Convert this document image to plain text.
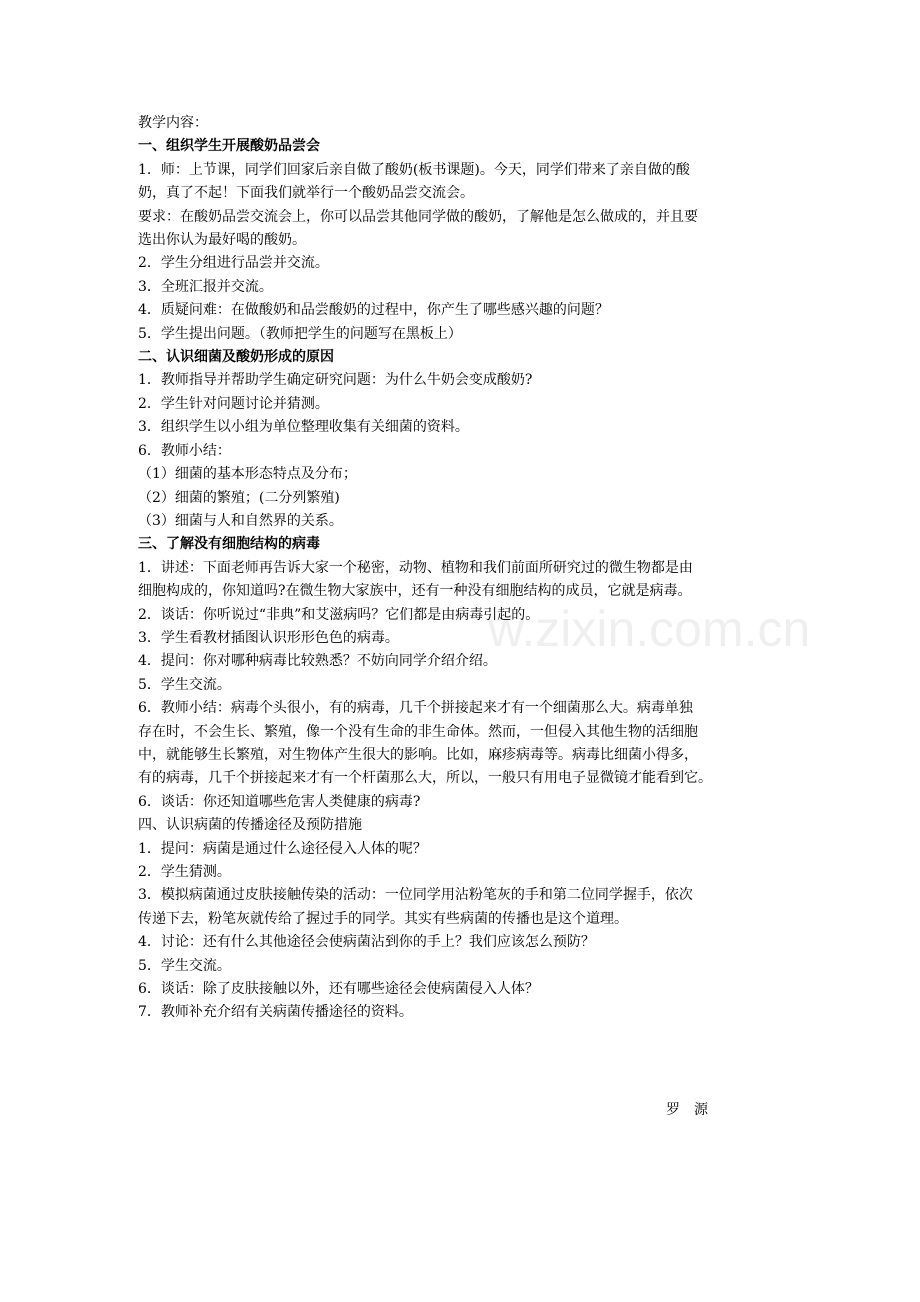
w.zixin.com.cn
教学内容：
一、组织学生开展酸奶品尝会
1．师：上节课，同学们回家后亲自做了酸奶(板书课题)。今天，同学们带来了亲自做的酸
奶，真了不起！下面我们就举行一个酸奶品尝交流会。
要求：在酸奶品尝交流会上，你可以品尝其他同学做的酸奶，了解他是怎么做成的，并且要
选出你认为最好喝的酸奶。
2．学生分组进行品尝并交流。
3．全班汇报并交流。
4．质疑问难：在做酸奶和品尝酸奶的过程中，你产生了哪些感兴趣的问题？
5．学生提出问题。（教师把学生的问题写在黑板上）
二、认识细菌及酸奶形成的原因
1．教师指导并帮助学生确定研究问题：为什么牛奶会变成酸奶?
2．学生针对问题讨论并猜测。
3．组织学生以小组为单位整理收集有关细菌的资料。
6．教师小结：
（1）细菌的基本形态特点及分布；
（2）细菌的繁殖；(二分列繁殖)
（3）细菌与人和自然界的关系。
三、了解没有细胞结构的病毒
1．讲述：下面老师再告诉大家一个秘密，动物、植物和我们前面所研究过的微生物都是由
细胞构成的，你知道吗?在微生物大家族中，还有一种没有细胞结构的成员，它就是病毒。
2．谈话：你听说过“非典”和艾滋病吗？它们都是由病毒引起的。
3．学生看教材插图认识形形色色的病毒。
4．提问：你对哪种病毒比较熟悉？不妨向同学介绍介绍。
5．学生交流。
6．教师小结：病毒个头很小，有的病毒，几千个拼接起来才有一个细菌那么大。病毒单独
存在时，不会生长、繁殖，像一个没有生命的非生命体。然而，一但侵入其他生物的活细胞
中，就能够生长繁殖，对生物体产生很大的影响。比如，麻疹病毒等。病毒比细菌小得多，
有的病毒，几千个拼接起来才有一个杆菌那么大，所以，一般只有用电子显微镜才能看到它。
6．谈话：你还知道哪些危害人类健康的病毒?
四、认识病菌的传播途径及预防措施
1．提问：病菌是通过什么途径侵入人体的呢？
2．学生猜测。
3．模拟病菌通过皮肤接触传染的活动：一位同学用沾粉笔灰的手和第二位同学握手，依次
传递下去，粉笔灰就传给了握过手的同学。其实有些病菌的传播也是这个道理。
4．讨论：还有什么其他途径会使病菌沾到你的手上？我们应该怎么预防？
5．学生交流。
6．谈话：除了皮肤接触以外，还有哪些途径会使病菌侵入人体？
7．教师补充介绍有关病菌传播途径的资料。
罗源
